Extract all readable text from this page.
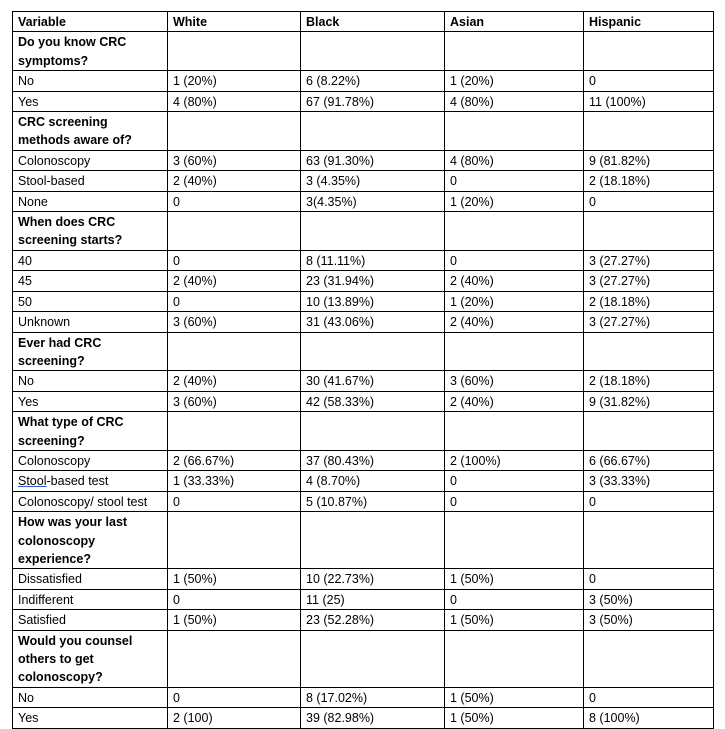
Variable	White	Black	Asian	Hispanic
Do you know CRC symptoms?				
No	1 (20%)	6 (8.22%)	1 (20%)	0
Yes	4 (80%)	67 (91.78%)	4 (80%)	11 (100%)
CRC screening methods aware of?				
Colonoscopy	3 (60%)	63 (91.30%)	4 (80%)	9 (81.82%)
Stool-based	2 (40%)	3 (4.35%)	0	2 (18.18%)
None	0	3(4.35%)	1 (20%)	0
When does CRC screening starts?				
40	0	8 (11.11%)	0	3 (27.27%)
45	2 (40%)	23 (31.94%)	2 (40%)	3 (27.27%)
50	0	10 (13.89%)	1 (20%)	2 (18.18%)
Unknown	3 (60%)	31 (43.06%)	2 (40%)	3 (27.27%)
Ever had CRC screening?				
No	2 (40%)	30 (41.67%)	3 (60%)	2 (18.18%)
Yes	3 (60%)	42 (58.33%)	2 (40%)	9 (31.82%)
What type of CRC screening?				
Colonoscopy	2 (66.67%)	37 (80.43%)	2 (100%)	6 (66.67%)
Stool-based test	1 (33.33%)	4 (8.70%)	0	3 (33.33%)
Colonoscopy/ stool test	0	5 (10.87%)	0	0
How was your last colonoscopy experience?				
Dissatisfied	1 (50%)	10 (22.73%)	1 (50%)	0
Indifferent	0	11 (25)	0	3 (50%)
Satisfied	1 (50%)	23 (52.28%)	1 (50%)	3 (50%)
Would you counsel others to get colonoscopy?				
No	0	8 (17.02%)	1 (50%)	0
Yes	2 (100)	39 (82.98%)	1 (50%)	8 (100%)
